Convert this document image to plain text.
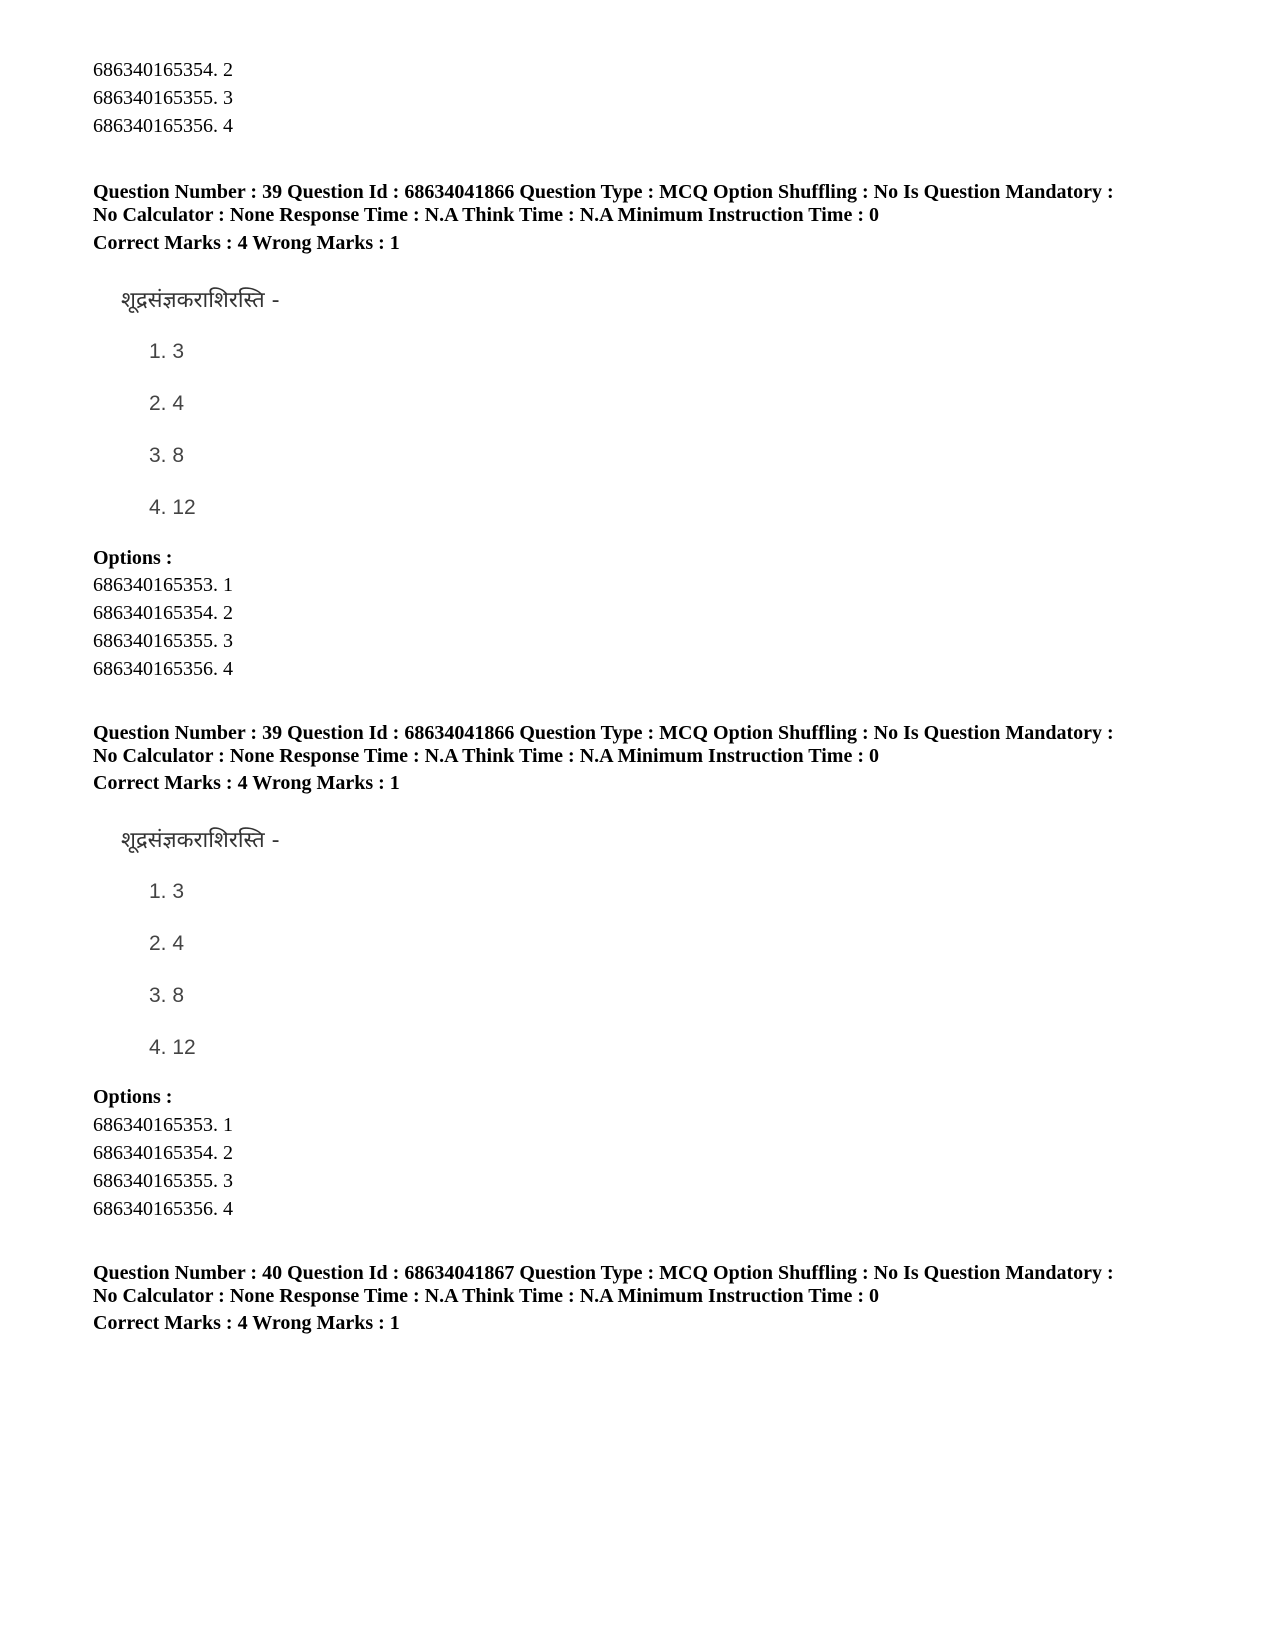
686340165354. 2
686340165355. 3
686340165356. 4
Question Number : 39 Question Id : 68634041866 Question Type : MCQ Option Shuffling : No Is Question Mandatory :
No Calculator : None Response Time : N.A Think Time : N.A Minimum Instruction Time : 0
Correct Marks : 4 Wrong Marks : 1
शूद्रसंज्ञकराशिरस्ति -
1. 3
2. 4
3. 8
4. 12
Options :
686340165353. 1
686340165354. 2
686340165355. 3
686340165356. 4
Question Number : 39 Question Id : 68634041866 Question Type : MCQ Option Shuffling : No Is Question Mandatory :
No Calculator : None Response Time : N.A Think Time : N.A Minimum Instruction Time : 0
Correct Marks : 4 Wrong Marks : 1
शूद्रसंज्ञकराशिरस्ति -
1. 3
2. 4
3. 8
4. 12
Options :
686340165353. 1
686340165354. 2
686340165355. 3
686340165356. 4
Question Number : 40 Question Id : 68634041867 Question Type : MCQ Option Shuffling : No Is Question Mandatory :
No Calculator : None Response Time : N.A Think Time : N.A Minimum Instruction Time : 0
Correct Marks : 4 Wrong Marks : 1
